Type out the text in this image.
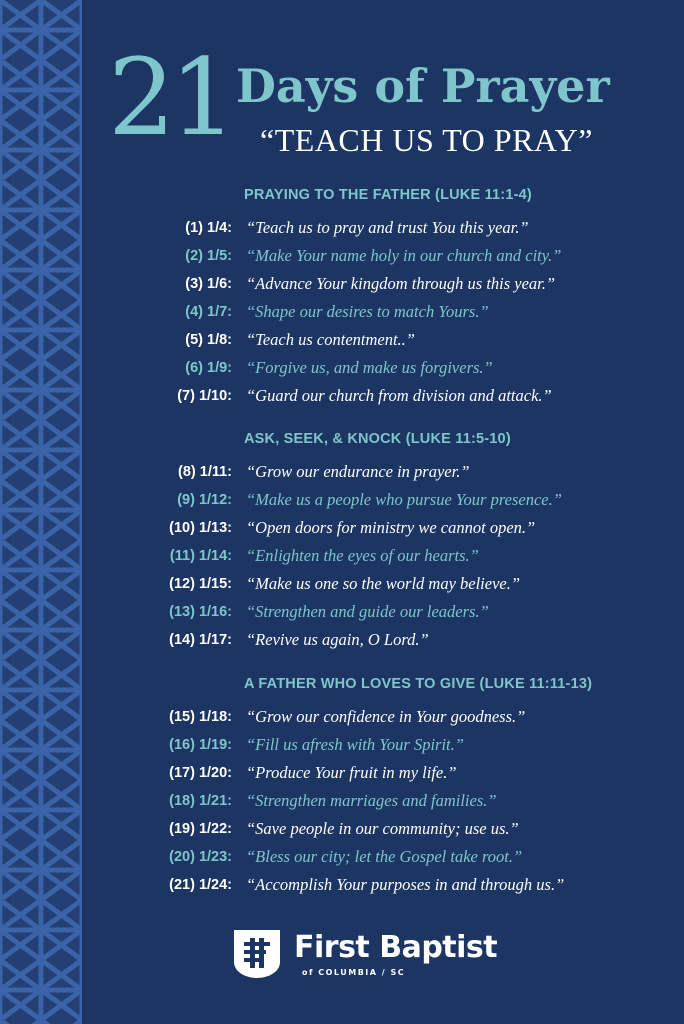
21 Days of Prayer
“TEACH US TO PRAY”
PRAYING TO THE FATHER (LUKE 11:1-4)
(1) 1/4: “Teach us to pray and trust You this year.”
(2) 1/5: “Make Your name holy in our church and city.”
(3) 1/6: “Advance Your kingdom through us this year.”
(4) 1/7: “Shape our desires to match Yours.”
(5) 1/8: “Teach us contentment..”
(6) 1/9: “Forgive us, and make us forgivers.”
(7) 1/10: “Guard our church from division and attack.”
ASK, SEEK, & KNOCK (LUKE 11:5-10)
(8) 1/11: “Grow our endurance in prayer.”
(9) 1/12: “Make us a people who pursue Your presence.”
(10) 1/13: “Open doors for ministry we cannot open.”
(11) 1/14: “Enlighten the eyes of our hearts.”
(12) 1/15: “Make us one so the world may believe.”
(13) 1/16: “Strengthen and guide our leaders.”
(14) 1/17: “Revive us again, O Lord.”
A FATHER WHO LOVES TO GIVE (LUKE 11:11-13)
(15) 1/18: “Grow our confidence in Your goodness.”
(16) 1/19: “Fill us afresh with Your Spirit.”
(17) 1/20: “Produce Your fruit in my life.”
(18) 1/21: “Strengthen marriages and families.”
(19) 1/22: “Save people in our community; use us.”
(20) 1/23: “Bless our city; let the Gospel take root.”
(21) 1/24: “Accomplish Your purposes in and through us.”
First Baptist
of COLUMBIA / SC
